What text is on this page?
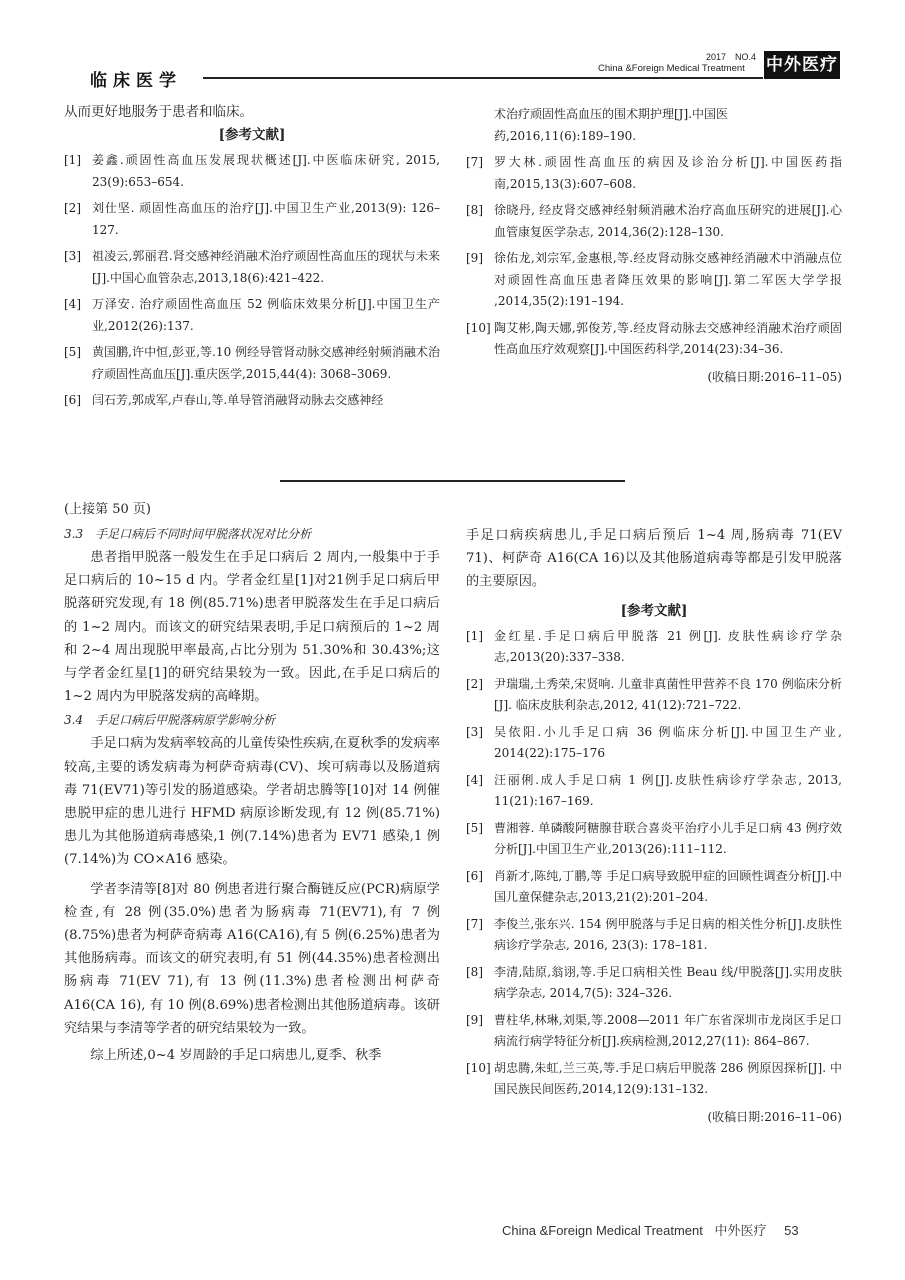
临床医学
2017　NO.4
China &Foreign Medical Treatment 中外医疗

从而更好地服务于患者和临床。

[参考文献]

[1] 姜鑫.顽固性高血压发展现状概述[J].中医临床研究, 2015, 23(9):653–654.
[2] 刘仕坚. 顽固性高血压的治疗[J].中国卫生产业,2013(9): 126–127.
[3] 祖凌云,郭丽君.肾交感神经消融术治疗顽固性高血压的现状与未来[J].中国心血管杂志,2013,18(6):421–422.
[4] 万泽安. 治疗顽固性高血压 52 例临床效果分析[J].中国卫生产业,2012(26):137.
[5] 黄国鹏,许中恒,彭亚,等.10 例经导管肾动脉交感神经射频消融术治疗顽固性高血压[J].重庆医学,2015,44(4): 3068–3069.
[6] 闫石芳,郭成军,卢春山,等.单导管消融肾动脉去交感神经
术治疗顽固性高血压的围术期护理[J].中国医药,2016,11(6):189–190.
[7] 罗大林.顽固性高血压的病因及诊治分析[J].中国医药指南,2015,13(3):607–608.
[8] 徐晓丹, 经皮肾交感神经射频消融术治疗高血压研究的进展[J].心血管康复医学杂志, 2014,36(2):128–130.
[9] 徐佑龙,刘宗军,金惠根,等.经皮肾动脉交感神经消融术中消融点位对顽固性高血压患者降压效果的影响[J].第二军医大学学报 ,2014,35(2):191–194.
[10] 陶艾彬,陶天娜,郭俊芳,等.经皮肾动脉去交感神经消融术治疗顽固性高血压疗效观察[J].中国医药科学,2014(23):34–36.
(收稿日期:2016–11–05)

(上接第 50 页)

3.3　手足口病后不同时间甲脱落状况对比分析

患者指甲脱落一般发生在手足口病后 2 周内,一般集中于手足口病后的 10~15 d 内。学者金红星[1]对21例手足口病后甲脱落研究发现,有 18 例(85.71%)患者甲脱落发生在手足口病后的 1~2 周内。而该文的研究结果表明,手足口病预后的 1~2 周和 2~4 周出现脱甲率最高,占比分别为 51.30%和 30.43%;这与学者金红星[1]的研究结果较为一致。因此,在手足口病后的 1~2 周内为甲脱落发病的高峰期。

3.4　手足口病后甲脱落病原学影响分析

手足口病为发病率较高的儿童传染性疾病,在夏秋季的发病率较高,主要的诱发病毒为柯萨奇病毒(CV)、埃可病毒以及肠道病毒 71(EV71)等引发的肠道感染。学者胡忠腾等[10]对 14 例催患脱甲症的患儿进行 HFMD 病原诊断发现,有 12 例(85.71%)患儿为其他肠道病毒感染,1 例(7.14%)患者为 EV71 感染,1 例(7.14%)为 CO×A16 感染。

学者李清等[8]对 80 例患者进行聚合酶链反应(PCR)病原学检查,有 28 例(35.0%)患者为肠病毒 71(EV71),有 7 例(8.75%)患者为柯萨奇病毒 A16(CA16),有 5 例(6.25%)患者为其他肠病毒。而该文的研究表明,有 51 例(44.35%)患者检测出肠病毒 71(EV 71),有 13 例(11.3%)患者检测出柯萨奇 A16(CA 16), 有 10 例(8.69%)患者检测出其他肠道病毒。该研究结果与李清等学者的研究结果较为一致。

综上所述,0~4 岁周龄的手足口病患儿,夏季、秋季

手足口病疾病患儿,手足口病后预后 1~4 周,肠病毒 71(EV 71)、柯萨奇 A16(CA 16)以及其他肠道病毒等都是引发甲脱落的主要原因。

[参考文献]

[1] 金红星.手足口病后甲脱落 21 例[J]. 皮肤性病诊疗学杂志,2013(20):337–338.
[2] 尹瑞瑞,土秀荣,宋贤响. 儿童非真菌性甲营养不良 170 例临床分析[J]. 临床皮肤利杂志,2012, 41(12):721–722.
[3] 吴依阳.小儿手足口病 36 例临床分析[J].中国卫生产业, 2014(22):175–176
[4] 汪丽俐.成人手足口病 1 例[J].皮肤性病诊疗学杂志, 2013, 11(21):167–169.
[5] 曹湘蓉. 单磷酸阿糖腺苷联合喜炎平治疗小儿手足口病 43 例疗效分析[J].中国卫生产业,2013(26):111–112.
[6] 肖新才,陈纯,丁鹏,等 手足口病导致脱甲症的回顾性调查分析[J].中国儿童保健杂志,2013,21(2):201–204.
[7] 李俊兰,张东兴. 154 例甲脱落与手足日病的相关性分析[J].皮肤性病诊疗学杂志, 2016, 23(3): 178–181.
[8] 李清,陆原,翁诩,等.手足口病相关性 Beau 线/甲脱落[J].实用皮肤病学杂志, 2014,7(5): 324–326.
[9] 曹柱华,林琳,刘渠,等.2008—2011 年广东省深圳市龙岗区手足口病流行病学特征分析[J].疾病检测,2012,27(11): 864–867.
[10] 胡忠腾,朱虹,兰三英,等.手足口病后甲脱落 286 例原因探析[J]. 中国民族民间医药,2014,12(9):131–132.
(收稿日期:2016–11–06)
China &Foreign Medical Treatment 中外医疗 53
